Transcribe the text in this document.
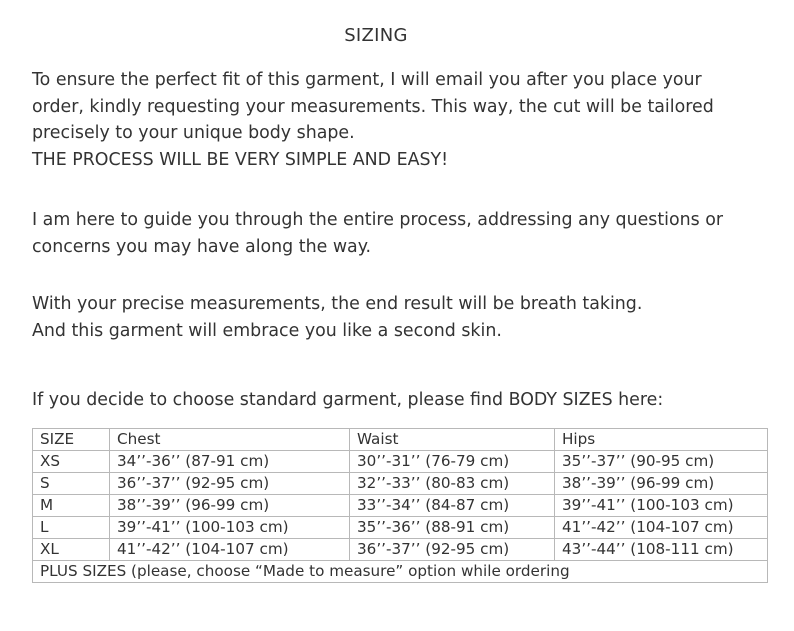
SIZING

To ensure the perfect fit of this garment, I will email you after you place your

order, kindly requesting your measurements. This way, the cut will be tailored

precisely to your unique body shape.

THE PROCESS WILL BE VERY SIMPLE AND EASY!

I am here to guide you through the entire process, addressing any questions or

concerns you may have along the way.

With your precise measurements, the end result will be breath taking.

And this garment will embrace you like a second skin.

If you decide to choose standard garment, please find BODY SIZES here:
SIZE	Chest	Waist	Hips
XS	34’’-36’’ (87-91 cm)	30’’-31’’ (76-79 cm)	35’’-37’’ (90-95 cm)
S	36’’-37’’ (92-95 cm)	32’’-33’’ (80-83 cm)	38’’-39’’ (96-99 cm)
M	38’’-39’’ (96-99 cm)	33’’-34’’ (84-87 cm)	39’’-41’’ (100-103 cm)
L	39’’-41’’ (100-103 cm)	35’’-36’’ (88-91 cm)	41’’-42’’ (104-107 cm)
XL	41’’-42’’ (104-107 cm)	36’’-37’’ (92-95 cm)	43’’-44’’ (108-111 cm)
PLUS SIZES (please, choose “Made to measure” option while ordering			
